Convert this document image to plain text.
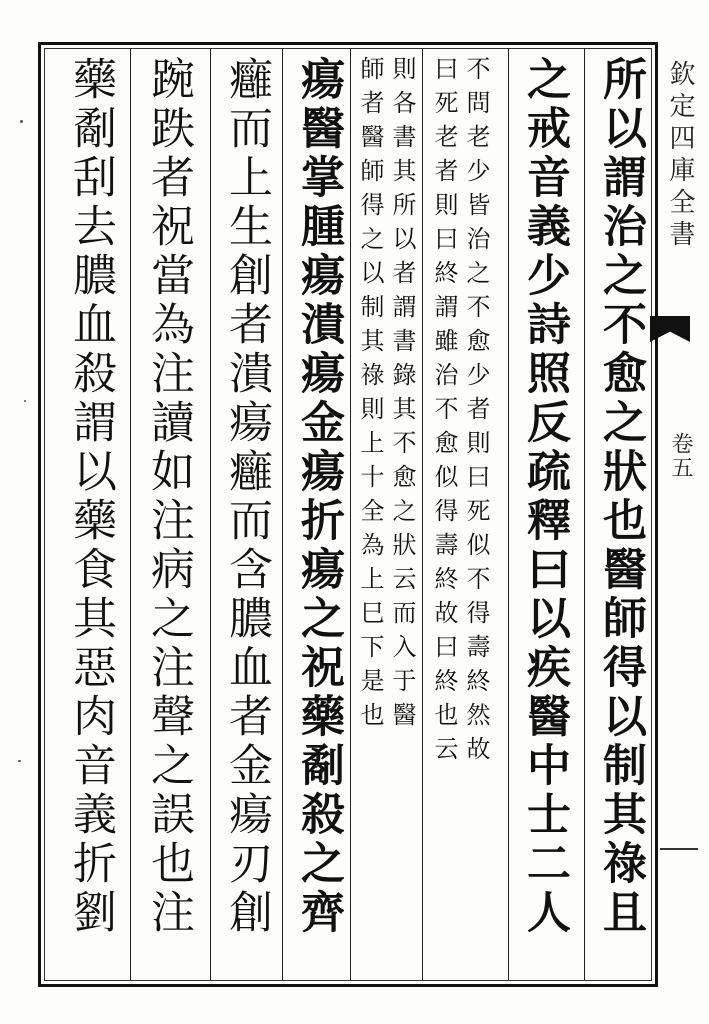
欽定四庫全書
卷五
所以謂治之不愈之狀也醫師得以制其祿且
之戒音義少詩照反疏釋曰以疾醫中士二人
不問老少皆治之不愈少者則曰死似不得壽終然故
曰死老者則曰終謂雖治不愈似得壽終故曰終也云
則各書其所以者謂書錄其不愈之狀云而入于醫
師者醫師得之以制其祿則上十全為上巳下是也
瘍醫掌腫瘍潰瘍金瘍折瘍之祝藥劀殺之齊
癰而上生創者潰瘍癰而含膿血者金瘍刃創
踠跌者祝當為注讀如注病之注聲之誤也注
藥劀刮去膿血殺謂以藥食其惡肉音義折劉
